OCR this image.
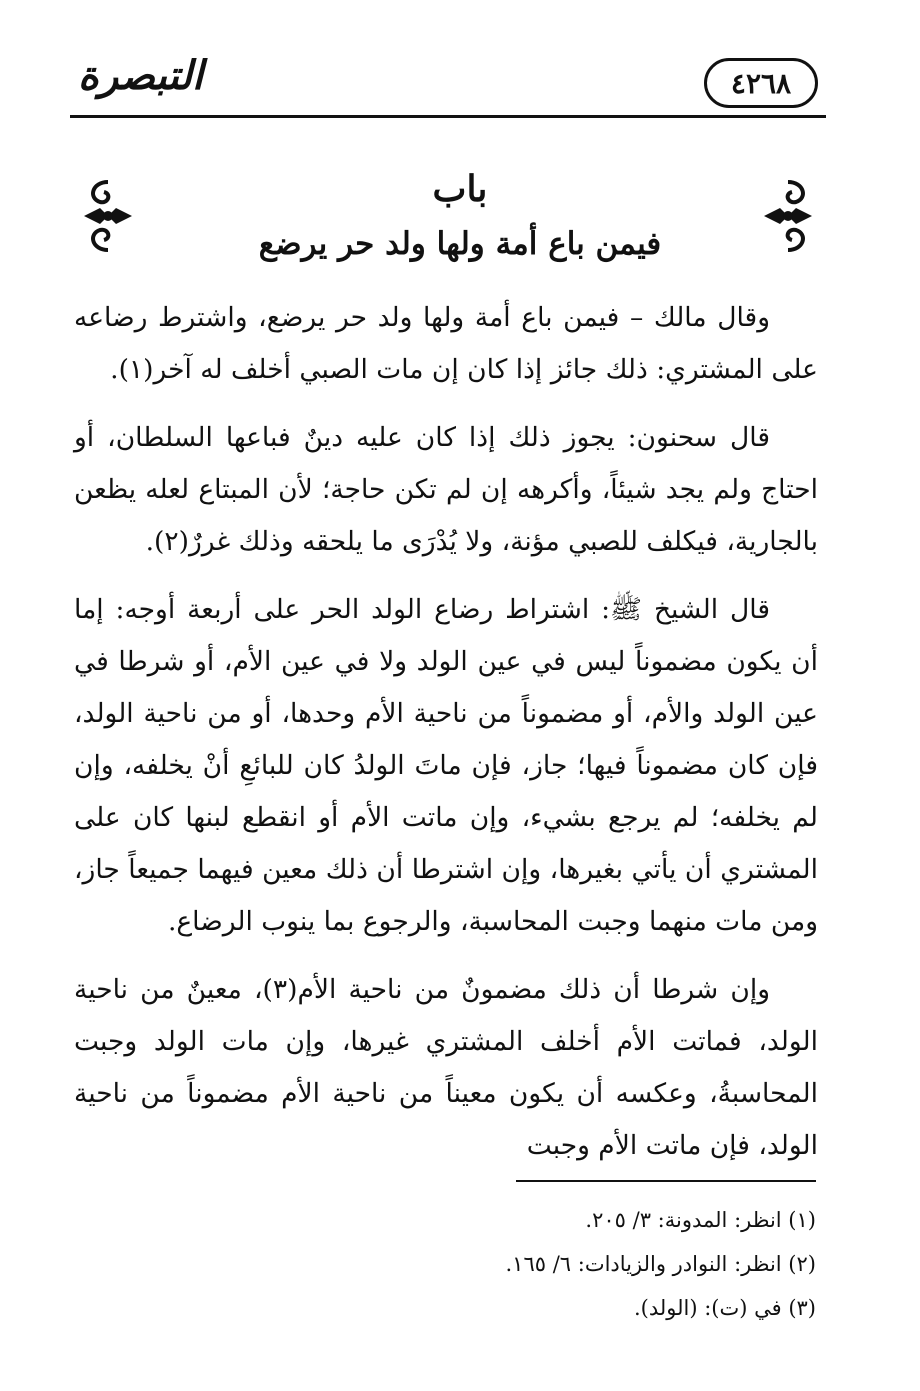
التبصرة	٤٢٦٨
باب
فيمن باع أمة ولها ولد حر يرضع

وقال مالك – فيمن باع أمة ولها ولد حر يرضع، واشترط رضاعه على المشتري: ذلك جائز إذا كان إن مات الصبي أخلف له آخر(١).

قال سحنون: يجوز ذلك إذا كان عليه دينٌ فباعها السلطان، أو احتاج ولم يجد شيئاً، وأكرهه إن لم تكن حاجة؛ لأن المبتاع لعله يظعن بالجارية، فيكلف للصبي مؤنة، ولا يُدْرَى ما يلحقه وذلك غررٌ(٢).

قال الشيخ ﷺ: اشتراط رضاع الولد الحر على أربعة أوجه: إما أن يكون مضموناً ليس في عين الولد ولا في عين الأم، أو شرطا في عين الولد والأم، أو مضموناً من ناحية الأم وحدها، أو من ناحية الولد، فإن كان مضموناً فيها؛ جاز، فإن ماتَ الولدُ كان للبائعِ أنْ يخلفه، وإن لم يخلفه؛ لم يرجع بشيء، وإن ماتت الأم أو انقطع لبنها كان على المشتري أن يأتي بغيرها، وإن اشترطا أن ذلك معين فيهما جميعاً جاز، ومن مات منهما وجبت المحاسبة، والرجوع بما ينوب الرضاع.

وإن شرطا أن ذلك مضمونٌ من ناحية الأم(٣)، معينٌ من ناحية الولد، فماتت الأم أخلف المشتري غيرها، وإن مات الولد وجبت المحاسبةُ، وعكسه أن يكون معيناً من ناحية الأم مضموناً من ناحية الولد، فإن ماتت الأم وجبت

(١) انظر: المدونة: ٣/ ٢٠٥.
(٢) انظر: النوادر والزيادات: ٦/ ١٦٥.
(٣) في (ت): (الولد).
